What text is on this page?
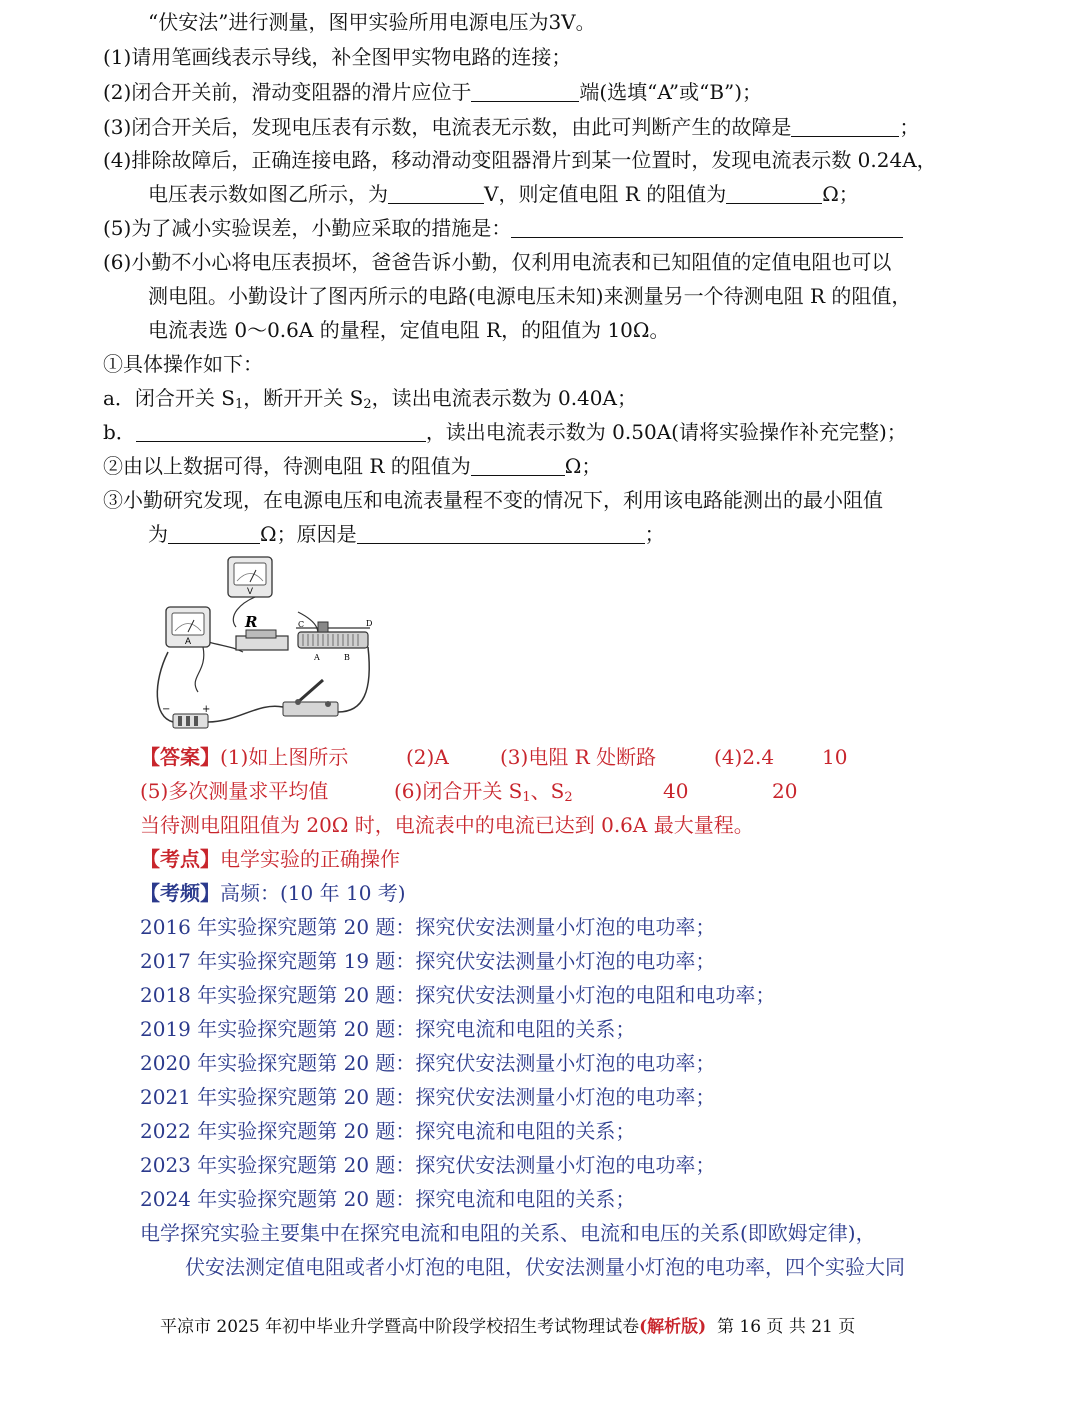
“伏安法”进行测量，图甲实验所用电源电压为3V。
(1)请用笔画线表示导线，补全图甲实物电路的连接；
(2)闭合开关前，滑动变阻器的滑片应位于	端(选填“A”或“B”)；
(3)闭合开关后，发现电压表有示数，电流表无示数，由此可判断产生的故障是	；
(4)排除故障后，正确连接电路，移动滑动变阻器滑片到某一位置时，发现电流表示数 0.24A，
电压表示数如图乙所示，为	V，则定值电阻 R 的阻值为	Ω；
(5)为了减小实验误差，小勤应采取的措施是：
(6)小勤不小心将电压表损坏，爸爸告诉小勤，仅利用电流表和已知阻值的定值电阻也可以
测电阻。小勤设计了图丙所示的电路(电源电压未知)来测量另一个待测电阻 R 的阻值，
电流表选 0～0.6A 的量程，定值电阻 R，的阻值为 10Ω。
①具体操作如下：
a．闭合开关 $S_1$，断开开关 $S_2$，读出电流表示数为 0.40A；
b．	，读出电流表示数为 0.50A(请将实验操作补充完整)；
②由以上数据可得，待测电阻 R 的阻值为	Ω；
③小勤研究发现，在电源电压和电流表量程不变的情况下，利用该电路能测出的最小阻值
为	Ω；原因是	；
A
V
R	C	D
A	B
−	+
【答案】(1)如上图所示	(2)A	(3)电阻 R 处断路	(4)2.4 10
(5)多次测量求平均值	(6)闭合开关 $S_1$、$S_2$	40	20
当待测电阻阻值为 20Ω 时，电流表中的电流已达到 0.6A 最大量程。
【考点】电学实验的正确操作
【考频】高频：(10 年 10 考)
2016 年实验探究题第 20 题：探究伏安法测量小灯泡的电功率；
2017 年实验探究题第 19 题：探究伏安法测量小灯泡的电功率；
2018 年实验探究题第 20 题：探究伏安法测量小灯泡的电阻和电功率；
2019 年实验探究题第 20 题：探究电流和电阻的关系；
2020 年实验探究题第 20 题：探究伏安法测量小灯泡的电功率；
2021 年实验探究题第 20 题：探究伏安法测量小灯泡的电功率；
2022 年实验探究题第 20 题：探究电流和电阻的关系；
2023 年实验探究题第 20 题：探究伏安法测量小灯泡的电功率；
2024 年实验探究题第 20 题：探究电流和电阻的关系；
电学探究实验主要集中在探究电流和电阻的关系、电流和电压的关系(即欧姆定律)，
伏安法测定值电阻或者小灯泡的电阻，伏安法测量小灯泡的电功率，四个实验大同
平凉市 2025 年初中毕业升学暨高中阶段学校招生考试物理试卷(解析版) 第 16 页 共 21 页
